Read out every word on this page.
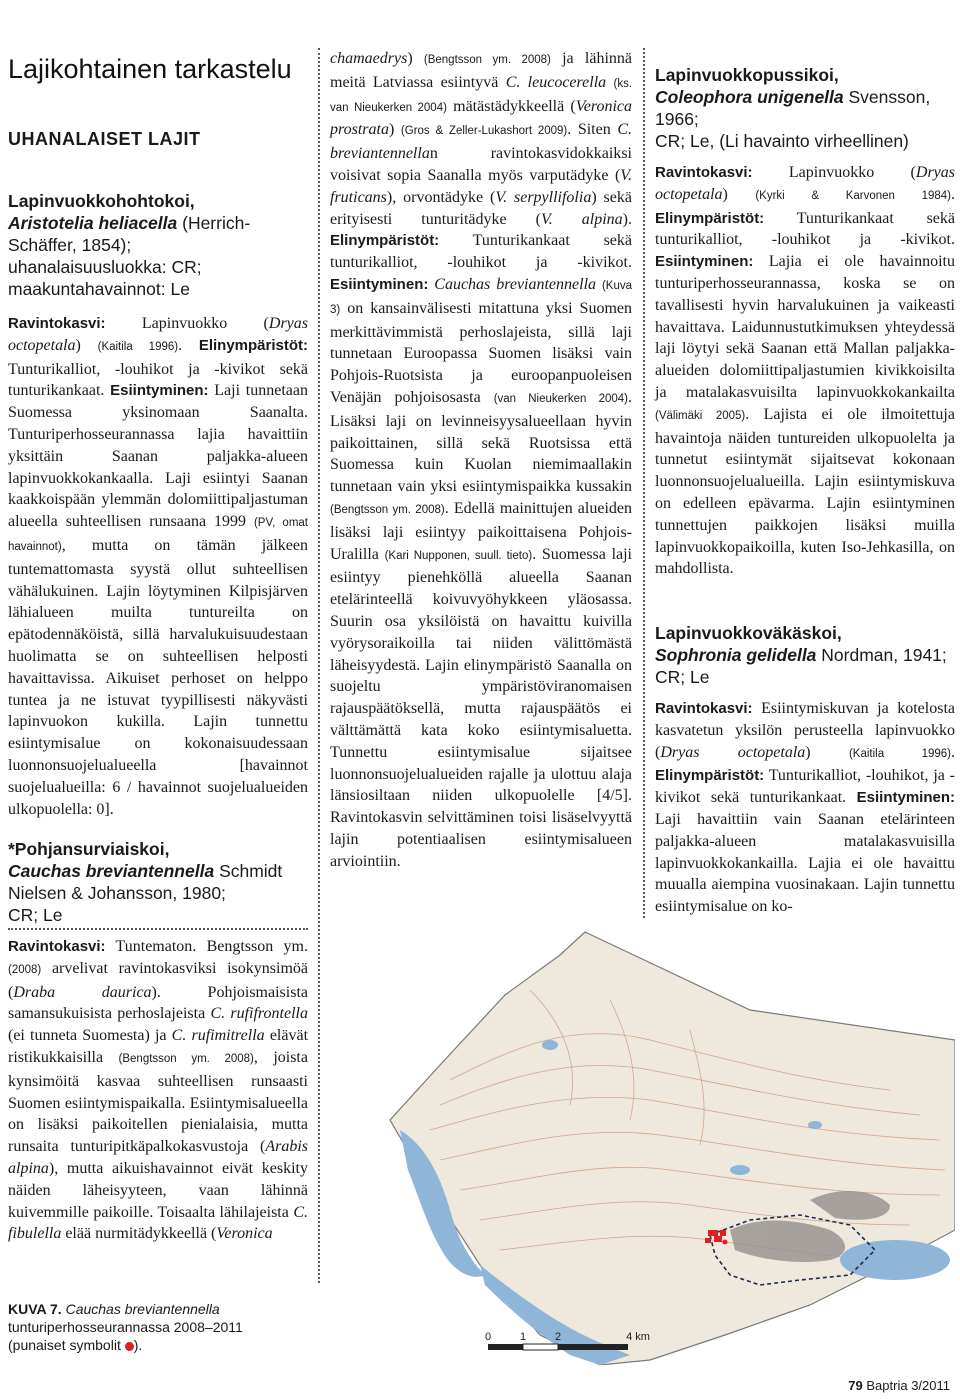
Lajikohtainen tarkastelu
UHANALAISET LAJIT
Lapinvuokkohohtokoi,
Aristotelia heliacella (Herrich-
Schäffer, 1854);
uhanalaisuusluokka: CR;
maakuntahavainnot: Le
Ravintokasvi: Lapinvuokko (Dryas octopetala) (Kaitila 1996). Elinympäristöt: Tunturikalliot, -louhikot ja -kivikot sekä tunturikankaat. Esiintyminen: Laji tunnetaan Suomessa yksinomaan Saanalta. Tunturiperhosseurannassa lajia havaittiin yksittäin Saanan paljakka-alueen lapinvuokkokankaalla. Laji esiintyi Saanan kaakkoispään ylemmän dolomiittipaljastuman alueella suhteellisen runsaana 1999 (PV, omat havainnot), mutta on tämän jälkeen tuntemattomasta syystä ollut suhteellisen vähälukuinen. Lajin löytyminen Kilpisjärven lähialueen muilta tuntureilta on epätodennäköistä, sillä harvalukuisuudestaan huolimatta se on suhteellisen helposti havaittavissa. Aikuiset perhoset on helppo tuntea ja ne istuvat tyypillisesti näkyvästi lapinvuokon kukilla. Lajin tunnettu esiintymisalue on kokonaisuudessaan luonnonsuojelualueella [havainnot suojelualueilla: 6 / havainnot suojelualueiden ulkopuolella: 0].
*Pohjansurviaiskoi,
Cauchas breviantennella Schmidt
Nielsen & Johansson, 1980;
CR; Le
Ravintokasvi: Tuntematon. Bengtsson ym. (2008) arvelivat ravintokasviksi isokynsimöä (Draba daurica). Pohjoismaisista samansukuisista perhoslajeista C. rufifrontella (ei tunneta Suomesta) ja C. rufimitrella elävät ristikukkaisilla (Bengtsson ym. 2008), joista kynsimöitä kasvaa suhteellisen runsaasti Suomen esiintymispaikalla. Esiintymisalueella on lisäksi paikoitellen pienialaisia, mutta runsaita tunturipitkäpalkokasvustoja (Arabis alpina), mutta aikuishavainnot eivät keskity näiden läheisyyteen, vaan lähinnä kuivemmille paikoille. Toisaalta lähilajeista C. fibulella elää nurmitädykkeellä (Veronica
chamaedrys) (Bengtsson ym. 2008) ja lähinnä meitä Latviassa esiintyvä C. leucocerella (ks. van Nieukerken 2004) mätästädykkeellä (Veronica prostrata) (Gros & Zeller-Lukashort 2009). Siten C. breviantennellan ravintokasvidokkaiksi voisivat sopia Saanalla myös varputädyke (V. fruticans), orvontädyke (V. serpyllifolia) sekä erityisesti tunturitädyke (V. alpina). Elinympäristöt: Tunturikankaat sekä tunturikalliot, -louhikot ja -kivikot. Esiintyminen: Cauchas breviantennella (Kuva 3) on kansainvälisesti mitattuna yksi Suomen merkittävimmistä perhoslajeista, sillä laji tunnetaan Euroopassa Suomen lisäksi vain Pohjois-Ruotsista ja euroopanpuoleisen Venäjän pohjoisosasta (van Nieukerken 2004). Lisäksi laji on levinneisyysalueellaan hyvin paikoittainen, sillä sekä Ruotsissa että Suomessa kuin Kuolan niemimaallakin tunnetaan vain yksi esiintymispaikka kussakin (Bengtsson ym. 2008). Edellä mainittujen alueiden lisäksi laji esiintyy paikoittaisena Pohjois-Uralilla (Kari Nupponen, suull. tieto). Suomessa laji esiintyy pienehköllä alueella Saanan etelärinteellä koivuvyöhykkeen yläosassa. Suurin osa yksilöistä on havaittu kuivilla vyörysoraikoilla tai niiden välittömästä läheisyydestä. Lajin elinympäristö Saanalla on suojeltu ympäristöviranomaisen rajauspäätöksellä, mutta rajauspäätös ei välttämättä kata koko esiintymisaluetta. Tunnettu esiintymisalue sijaitsee luonnonsuojelualueiden rajalle ja ulottuu alaja länsiosiltaan niiden ulkopuolelle [4/5]. Ravintokasvin selvittäminen toisi lisäselvyyttä lajin potentiaalisen esiintymisalueen arviointiin.
Lapinvuokkopussikoi,
Coleophora unigenella Svensson,
1966;
CR; Le, (Li havainto virheellinen)
Ravintokasvi: Lapinvuokko (Dryas octopetala) (Kyrki & Karvonen 1984). Elinympäristöt: Tunturikankaat sekä tunturikalliot, -louhikot ja -kivikot. Esiintyminen: Lajia ei ole havainnoitu tunturiperhosseurannassa, koska se on tavallisesti hyvin harvalukuinen ja vaikeasti havaittava. Laidunnustutkimuksen yhteydessä laji löytyi sekä Saanan että Mallan paljakka-alueiden dolomiittipaljastumien kivikkoisilta ja matalakasvuisilta lapinvuokkokankailta (Välimäki 2005). Lajista ei ole ilmoitettuja havaintoja näiden tuntureiden ulkopuolelta ja tunnetut esiintymät sijaitsevat kokonaan luonnonsuojelualueilla. Lajin esiintymiskuva on edelleen epävarma. Lajin esiintyminen tunnettujen paikkojen lisäksi muilla lapinvuokkopaikoilla, kuten Iso-Jehkasilla, on mahdollista.
Lapinvuokkoväkäskoi,
Sophronia gelidella Nordman, 1941;
CR; Le
Ravintokasvi: Esiintymiskuvan ja kotelosta kasvatetun yksilön perusteella lapinvuokko (Dryas octopetala) (Kaitila 1996). Elinympäristöt: Tunturikalliot, -louhikot, ja -kivikot sekä tunturikankaat. Esiintyminen: Laji havaittiin vain Saanan etelärinteen paljakka-alueen matalakasvuisilla lapinvuokkokankailla. Lajia ei ole havaittu muualla aiempina vuosinakaan. Lajin tunnettu esiintymisalue on ko-
0	1	2	4 km
KUVA 7. Cauchas breviantennella
tunturiperhosseurannassa 2008–2011
(punaiset symbolit ).
79 Baptria 3/2011
